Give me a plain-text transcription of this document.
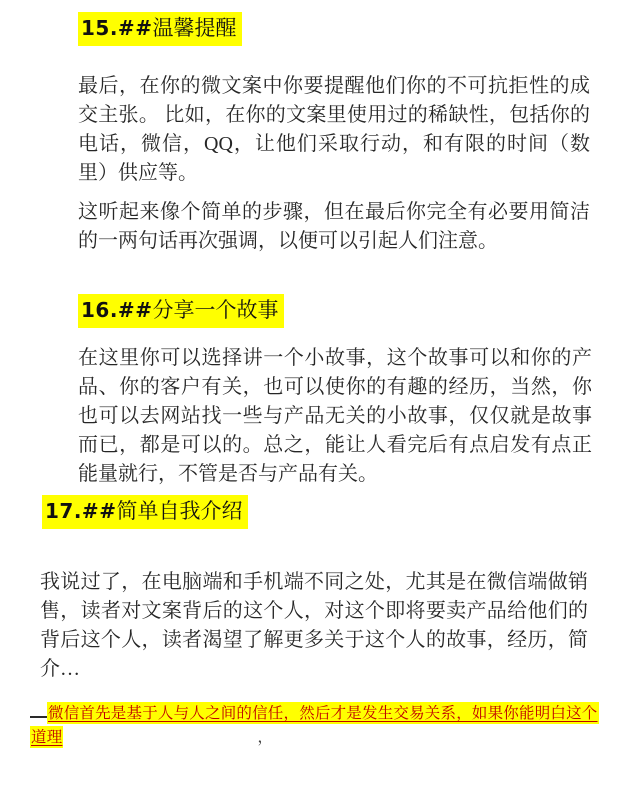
15.##温馨提醒

最后，在你的微文案中你要提醒他们你的不可抗拒性的成交主张。 比如，在你的文案里使用过的稀缺性，包括你的电话，微信，QQ，让他们采取行动，和有限的时间（数里）供应等。

这听起来像个简单的步骤，但在最后你完全有必要用简洁的一两句话再次强调，以便可以引起人们注意。

16.##分享一个故事

在这里你可以选择讲一个小故事，这个故事可以和你的产品、你的客户有关，也可以使你的有趣的经历，当然，你也可以去网站找一些与产品无关的小故事，仅仅就是故事而已，都是可以的。总之，能让人看完后有点启发有点正能量就行，不管是否与产品有关。

17.##简单自我介绍

我说过了，在电脑端和手机端不同之处，尤其是在微信端做销售，读者对文案背后的这个人，对这个即将要卖产品给他们的背后这个人，读者渴望了解更多关于这个人的故事，经历，简介…

微信首先是基于人与人之间的信任，然后才是发生交易关系，如果你能明白这个
道理	，
